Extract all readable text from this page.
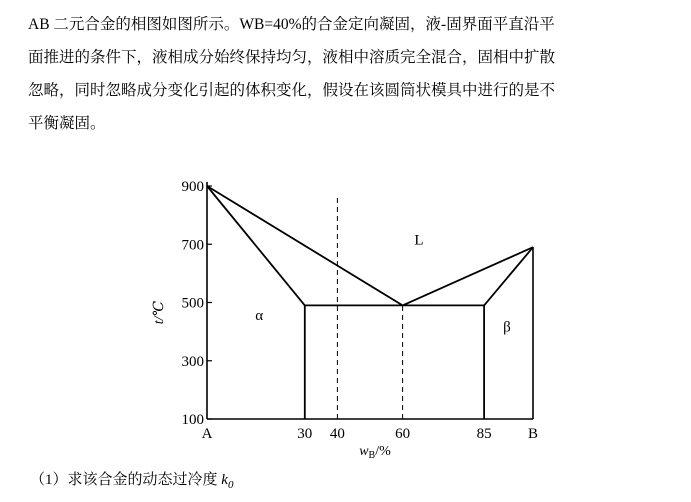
AB 二元合金的相图如图所示。WB=40%的合金定向凝固，液-固界面平直沿平
面推进的条件下，液相成分始终保持均匀，液相中溶质完全混合，固相中扩散
忽略，同时忽略成分变化引起的体积变化，假设在该圆筒状模具中进行的是不
平衡凝固。
900
700
500
300
100
A	30 40	60	85 B
$w_B/\%$
t/℃
L
α
β

（1）求该合金的动态过冷度 $k_0$
